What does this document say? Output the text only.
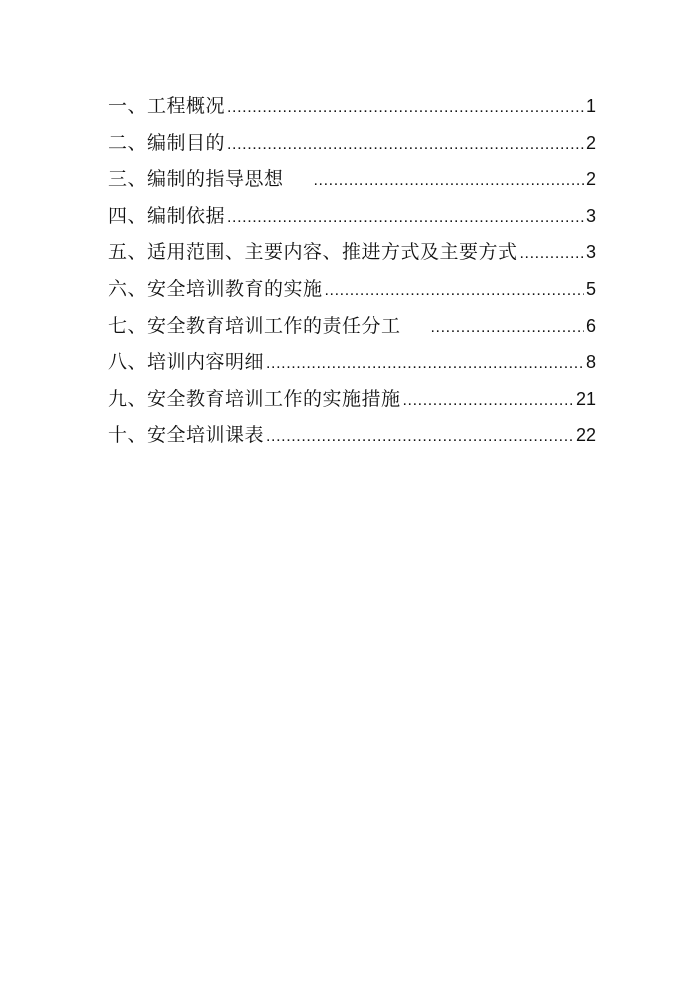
一、工程概况 .....	1
二、编制目的 .....	2
三、编制的指导思想 .....	2
四、编制依据 .....	3
五、适用范围、主要内容、推进方式及主要方式 .....	3
六、安全培训教育的实施 .....	5
七、安全教育培训工作的责任分工 .....	6
八、培训内容明细 .....	8
九、安全教育培训工作的实施措施 .....	21
十、安全培训课表 .....	22
